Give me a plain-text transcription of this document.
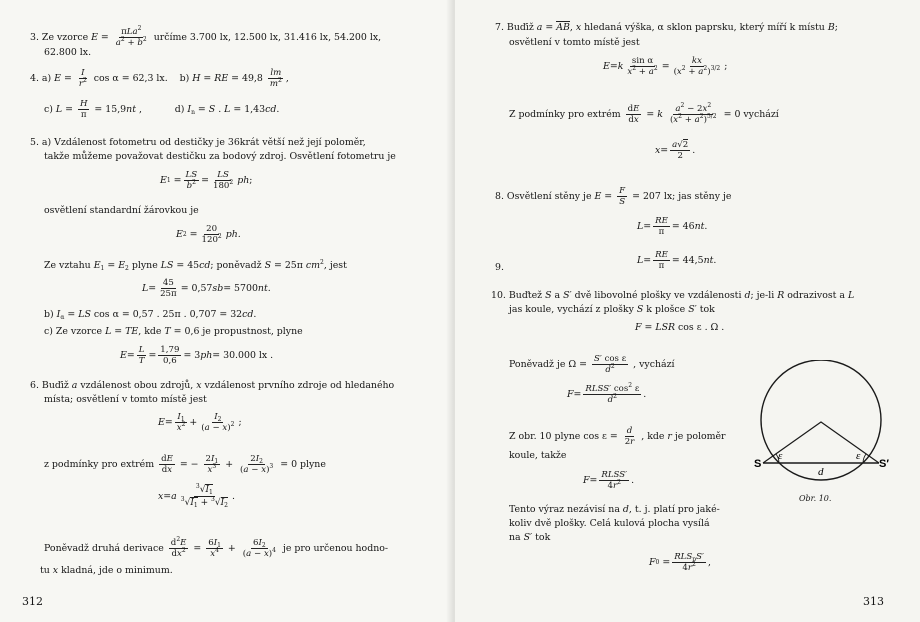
3. Ze vzorce $E = \frac{\pi La^2}{a^2 + b^2}$ určíme 3.700 lx, 12.500 lx, 31.416 lx, 54.200 lx,
62.800 lx.
4. a) $E = \frac{I}{r^2}$ cos α = 62,3 lx.    b) H = RE = $49,8 \frac{lm}{m^2}$ ,
c) $L = \frac{H}{\pi} = 15,9nt$ ,           d) $I_n = S$ . L = 1,43cd.
5. a) Vzdálenost fotometru od destičky je 36krát větší než její poloměr,
takže můžeme považovat destičku za bodový zdroj. Osvětlení fotometru je
E $1 = \frac{LS}{b^2} = \frac{LS}{180^2}$ ph ;
osvětlení standardní žárovkou je
E $2 = \frac{20}{120^2}$ ph .
Ze vztahu $E_1 = E_2$ plyne LS = 45cd; poněvadž S = 25π $cm^2$, jest
$L = \frac{45}{25\pi} = 0,57$ sb = 5700 nt .
b) $I_\alpha$ = LS cos α = 0,57 . 25π . 0,707 = 32cd.
c) Ze vzorce L = TE, kde T = 0,6 je propustnost, plyne
$E = \frac{L}{T} = \frac{1,79}{0,6} = 3$ ph = 30.000 lx .
6. Buďiž a vzdálenost obou zdrojů, x vzdálenost prvního zdroje od hledaného
místa; osvětlení v tomto místě jest
$E = \frac{I_1}{x^2} + \frac{I_2}{(a - x)^2}$ ;
z podmínky pro extrém $\frac{dE}{dx}$ = − $\frac{2I_1}{x^3} + \frac{2I_2}{(a - x)^3} = 0$ plyne
x = a $\frac{^3√I_1}{^3√I_1 + ^3√I_2}$ .
Poněvadž druhá derivace $\frac{d^2E}{dx^2} = \frac{6I_1}{x^4} + \frac{6I_2}{(a - x)^4}$ je pro určenou hodno-
tu x kladná, jde o minimum.
312
7. Buďiž a = AB, x hledaná výška, α sklon paprsku, který míří k místu B;
osvětlení v tomto místě jest
E = k $\frac{\text{sin α}}{x^2 + a^2} = \frac{kx}{(x^2 + a^2)^{3/2}}$ ;
Z podmínky pro extrém $\frac{dE}{dx} = k \frac{a^2 - 2x^2}{(x^2 + a^2)^{5/2}} = 0$ vychází
$x = \frac{a√2}{2}$ .
8. Osvětlení stěny je $E = \frac{F}{S} = 207$ lx; jas stěny je
$L = \frac{RE}{\pi} = 46$ nt .
9.
$L = \frac{RE}{\pi} = 44,5$ nt .
10. Buďtež S a S′ dvě libovolné plošky ve vzdálenosti d; je-li R odrazivost a L
jas koule, vychází z plošky S k plošce S′ tok
F = LSR cos ε . Ω .
Poněvadž je $\Omega = \frac{\text{S′ cos ε}}{d^2}$ , vychází
$F = \frac{RLSS' \cos^2 \varepsilon}{d^2}$ .
Z obr. 10 plyne $\cos \varepsilon = \frac{d}{2r}$ , kde r je poloměr
koule, takže
$F = \frac{\text{RLSS′}}{4r^2}$ .
Tento výraz nezávisí na d, t. j. platí pro jaké-
koliv dvě plošky. Celá kulová plocha vysílá
na S′ tok
F $0 = \frac{RLS_pS'}{4r^2}$ ,
S	S′
ε	ε
d
Obr. 10.
313
